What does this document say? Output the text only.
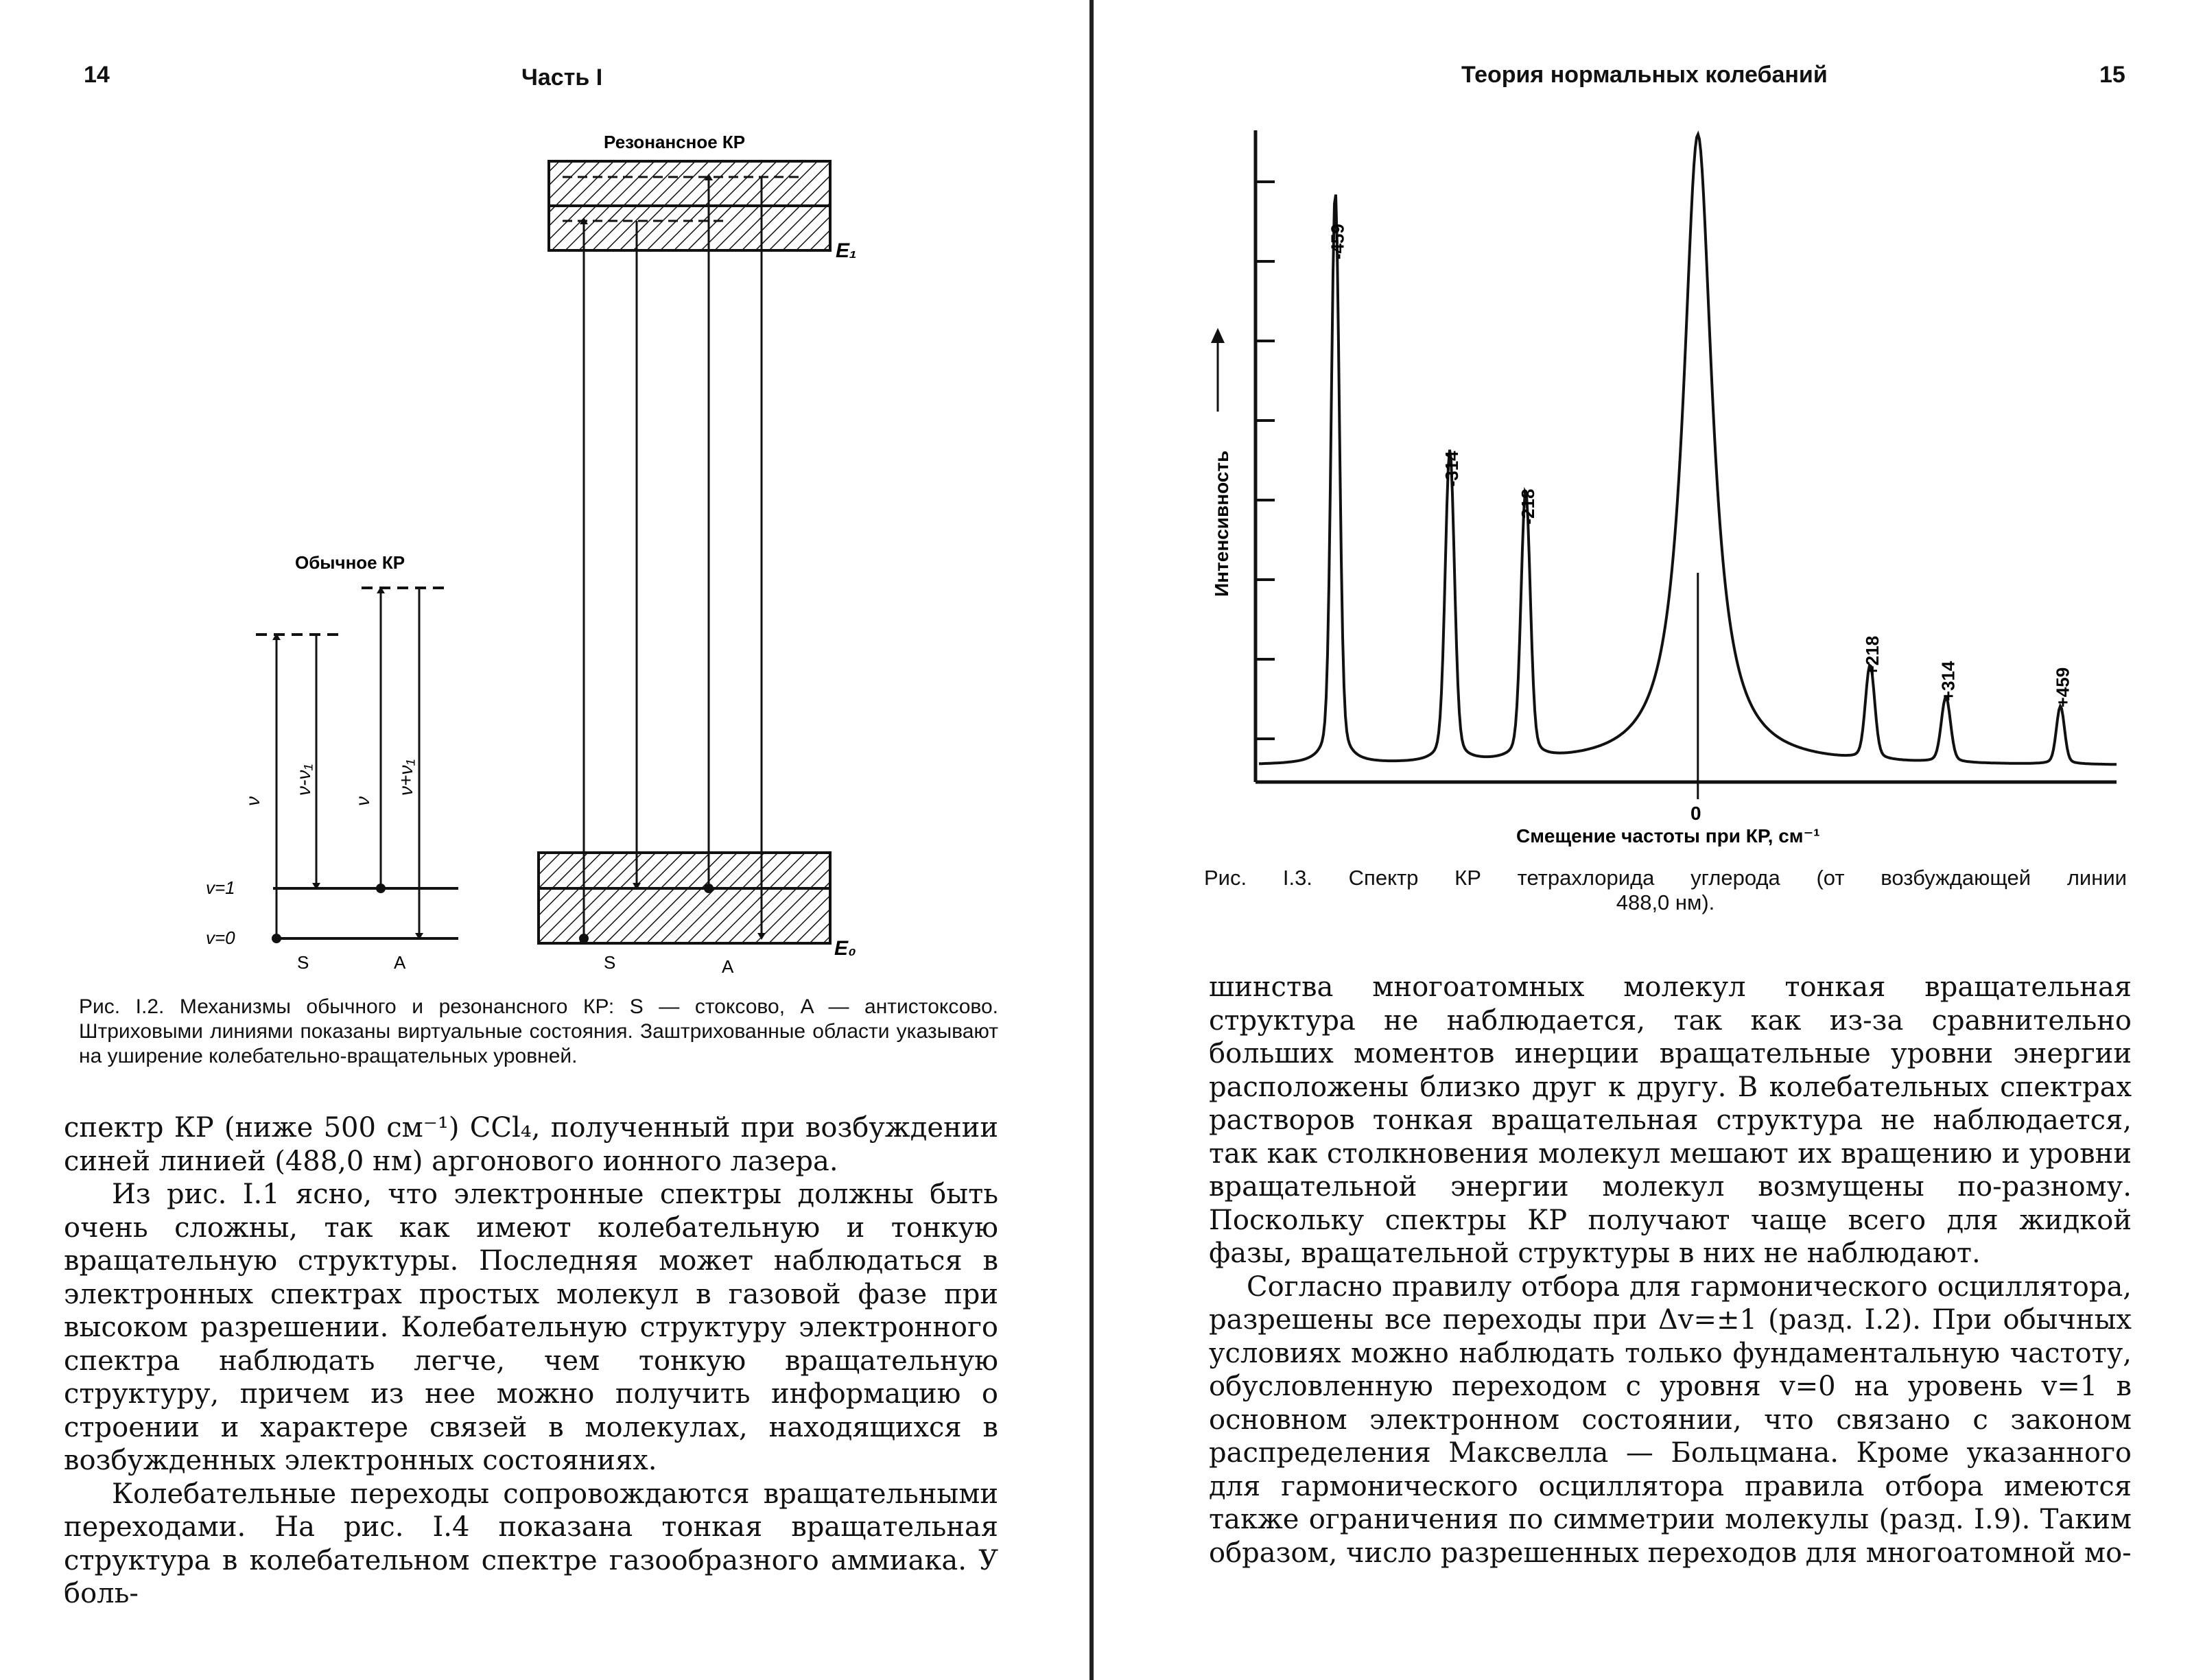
14	Часть I
Обычное КР
Резонансное КР
v=1
v=0
ν
ν-ν₁
ν
ν+ν₁
S	A
E₁
E₀
S	A
Рис. I.2. Механизмы обычного и резонансного КР: S — стоксово, A — антистоксово. Штриховыми линиями показаны виртуальные состояния. Заштрихованные области указывают на уширение колебательно-вращательных уровней.

спектр КР (ниже 500 см⁻¹) CCl₄, полученный при возбуждении синей линией (488,0 нм) аргонового ионного лазера.

Из рис. I.1 ясно, что электронные спектры должны быть очень сложны, так как имеют колебательную и тонкую вращательную структуры. Последняя может наблюдаться в электронных спектрах простых молекул в газовой фазе при высоком разрешении. Колебательную структуру электронного спектра наблюдать легче, чем тонкую вращательную структуру, причем из нее можно получить информацию о строении и характере связей в молекулах, находящихся в возбужденных электронных состояниях.

Колебательные переходы сопровождаются вращательными переходами. На рис. I.4 показана тонкая вращательная структура в колебательном спектре газообразного аммиака. У боль-

Теория нормальных колебаний	15
-459
-314
-218
+218
+314	+459
Интенсивность
Смещение частоты при КР, см⁻¹
0
Рис. I.3. Спектр КР тетрахлорида углерода (от возбуждающей линии
488,0 нм).

шинства многоатомных молекул тонкая вращательная структура не наблюдается, так как из-за сравнительно больших моментов инерции вращательные уровни энергии расположены близко друг к другу. В колебательных спектрах растворов тонкая вращательная структура не наблюдается, так как столкновения молекул мешают их вращению и уровни вращательной энергии молекул возмущены по-разному. Поскольку спектры КР получают чаще всего для жидкой фазы, вращательной структуры в них не наблюдают.

Согласно правилу отбора для гармонического осциллятора, разрешены все переходы при Δv=±1 (разд. I.2). При обычных условиях можно наблюдать только фундаментальную частоту, обусловленную переходом с уровня v=0 на уровень v=1 в основном электронном состоянии, что связано с законом распределения Максвелла — Больцмана. Кроме указанного для гармонического осциллятора правила отбора имеются также ограничения по симметрии молекулы (разд. I.9). Таким образом, число разрешенных переходов для многоатомной мо-
